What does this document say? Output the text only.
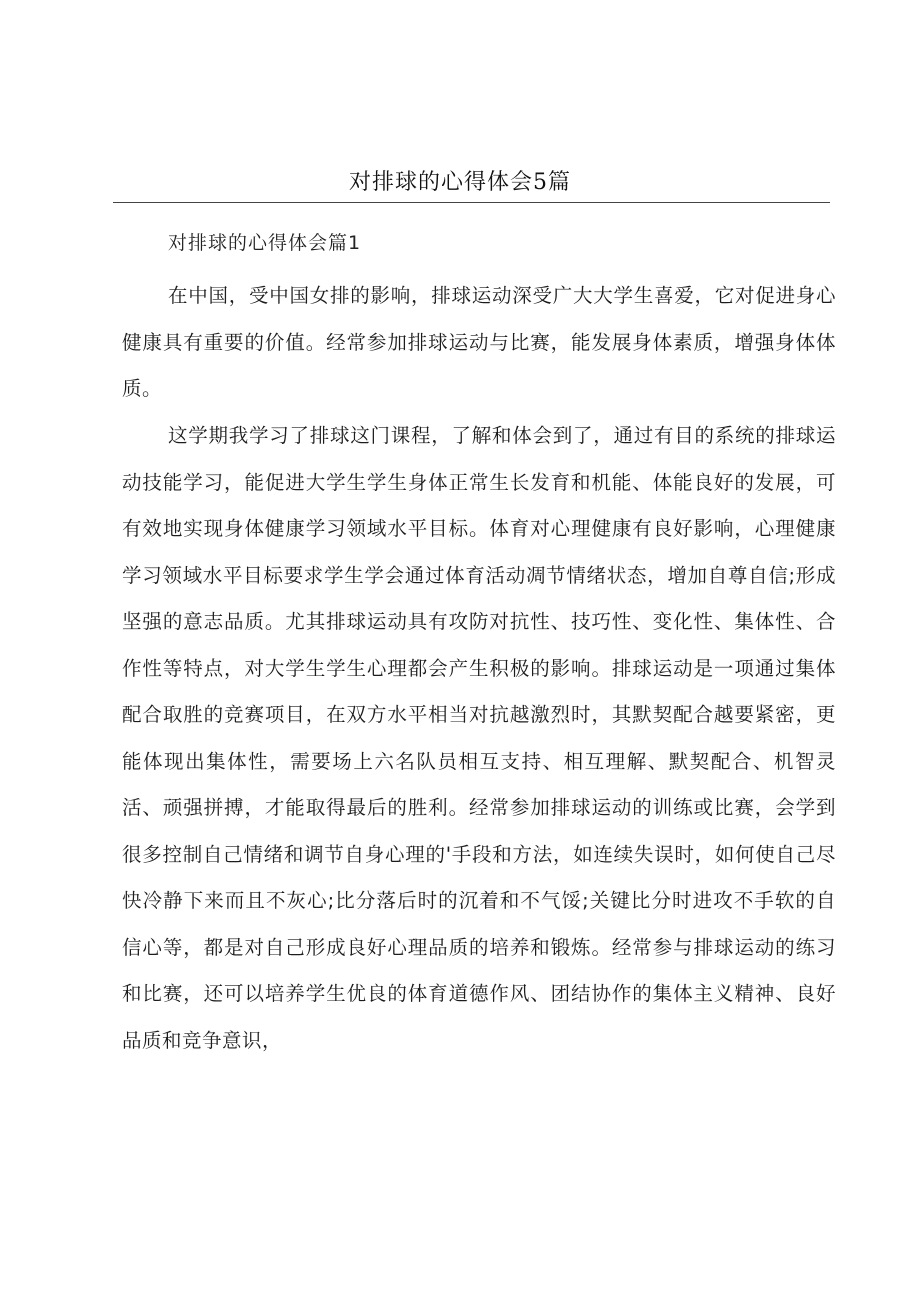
对排球的心得体会5篇
对排球的心得体会篇1

在中国，受中国女排的影响，排球运动深受广大大学生喜爱，它对促进身心健康具有重要的价值。经常参加排球运动与比赛，能发展身体素质，增强身体体质。

这学期我学习了排球这门课程，了解和体会到了，通过有目的系统的排球运动技能学习，能促进大学生学生身体正常生长发育和机能、体能良好的发展，可有效地实现身体健康学习领域水平目标。体育对心理健康有良好影响，心理健康学习领域水平目标要求学生学会通过体育活动凋节情绪状态，增加自尊自信;形成坚强的意志品质。尤其排球运动具有攻防对抗性、技巧性、变化性、集体性、合作性等特点，对大学生学生心理都会产生积极的影响。排球运动是一项通过集体配合取胜的竞赛项目，在双方水平相当对抗越激烈时，其默契配合越要紧密，更能体现出集体性，需要场上六名队员相互支持、相互理解、默契配合、机智灵活、顽强拼搏，才能取得最后的胜利。经常参加排球运动的训练或比赛，会学到很多控制自己情绪和调节自身心理的'手段和方法，如连续失误时，如何使自己尽快冷静下来而且不灰心;比分落后时的沉着和不气馁;关键比分时进攻不手软的自信心等，都是对自己形成良好心理品质的培养和锻炼。经常参与排球运动的练习和比赛，还可以培养学生优良的体育道德作风、团结协作的集体主义精神、良好品质和竞争意识，
